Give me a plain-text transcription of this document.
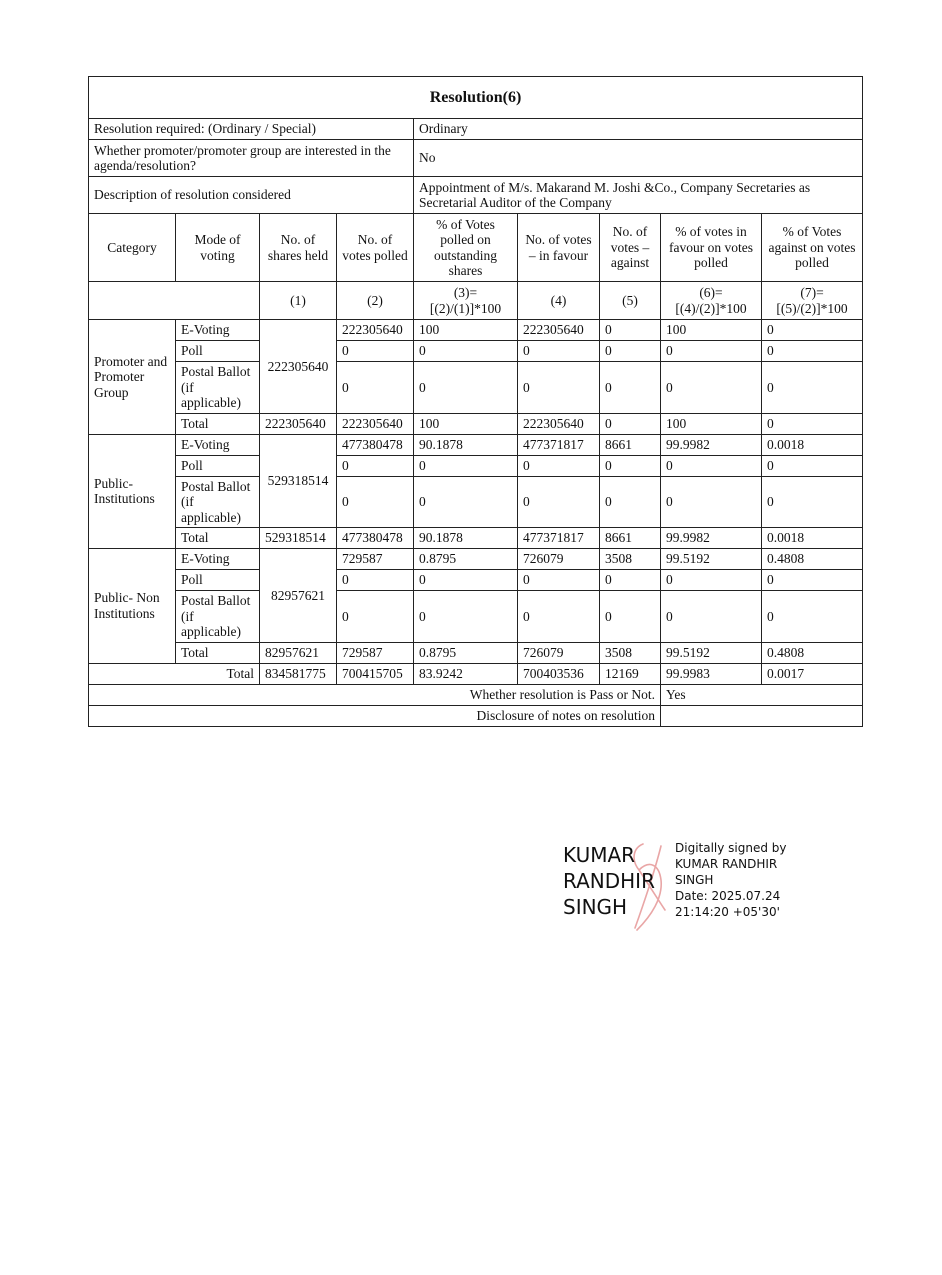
Resolution(6)								
Resolution required: (Ordinary / Special)				Ordinary				
Whether promoter/promoter group are interested in the agenda/resolution?				No				
Description of resolution considered				Appointment of M/s. Makarand M. Joshi &Co., Company Secretaries as Secretarial Auditor of the Company				
Category	Mode of voting	No. of shares held	No. of votes polled	% of Votes polled on outstanding shares	No. of votes – in favour	No. of votes – against	% of votes in favour on votes polled	% of Votes against on votes polled
		(1)	(2)	(3)= [(2)/(1)]*100	(4)	(5)	(6)= [(4)/(2)]*100	(7)= [(5)/(2)]*100
Promoter and Promoter Group	E-Voting	222305640	222305640	100	222305640	0	100	0
	Poll		0	0	0	0	0	0
	Postal Ballot (if applicable)		0	0	0	0	0	0
	Total	222305640	222305640	100	222305640	0	100	0
Public- Institutions	E-Voting	529318514	477380478	90.1878	477371817	8661	99.9982	0.0018
	Poll		0	0	0	0	0	0
	Postal Ballot (if applicable)		0	0	0	0	0	0
	Total	529318514	477380478	90.1878	477371817	8661	99.9982	0.0018
Public- Non Institutions	E-Voting	82957621	729587	0.8795	726079	3508	99.5192	0.4808
	Poll		0	0	0	0	0	0
	Postal Ballot (if applicable)		0	0	0	0	0	0
	Total	82957621	729587	0.8795	726079	3508	99.5192	0.4808
Total		834581775	700415705	83.9242	700403536	12169	99.9983	0.0017
Whether resolution is Pass or Not.							Yes	
Disclosure of notes on resolution								
KUMAR
RANDHIR
SINGH
Digitally signed by
KUMAR RANDHIR
SINGH
Date: 2025.07.24
21:14:20 +05'30'
